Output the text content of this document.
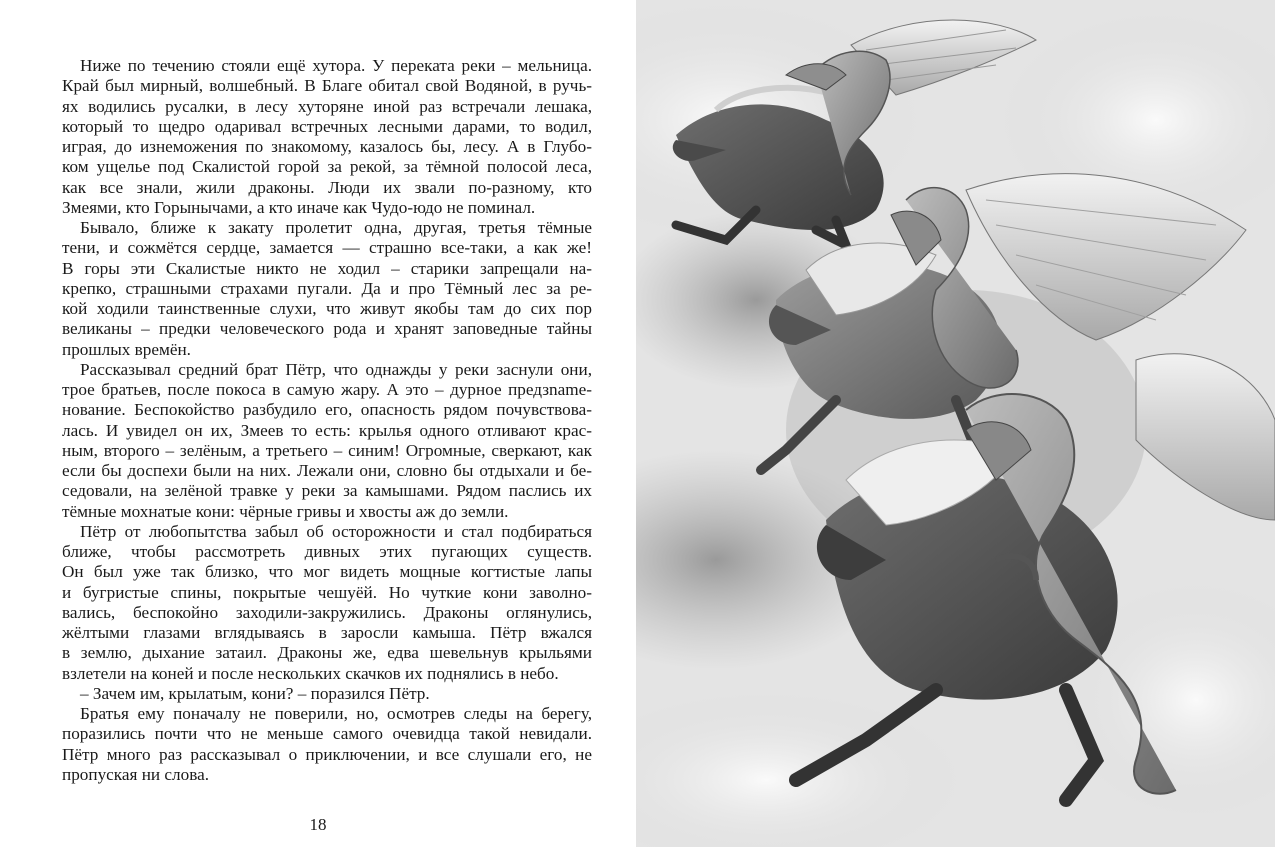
Ниже по течению стояли ещё хутора. У переката реки – мельница.
Край был мирный, волшебный. В Благе обитал свой Водяной, в ручь-
ях водились русалки, в лесу хуторяне иной раз встречали лешака,
который то щедро одаривал встречных лесными дарами, то водил,
играя, до изнеможения по знакомому, казалось бы, лесу. А в Глубо-
ком ущелье под Скалистой горой за рекой, за тёмной полосой леса,
как все знали, жили драконы. Люди их звали по-разному, кто
Змеями, кто Горынычами, а кто иначе как Чудо-юдо не поминал.
Бывало, ближе к закату пролетит одна, другая, третья тёмные
тени, и сожмётся сердце, замается — страшно все-таки, а как же!
В горы эти Скалистые никто не ходил – старики запрещали на-
крепко, страшными страхами пугали. Да и про Тёмный лес за ре-
кой ходили таинственные слухи, что живут якобы там до сих пор
великаны – предки человеческого рода и хранят заповедные тайны
прошлых времён.
Рассказывал средний брат Пётр, что однажды у реки заснули они,
трое братьев, после покоса в самую жару. А это – дурное предзname-
нование. Беспокойство разбудило его, опасность рядом почувствова-
лась. И увидел он их, Змеев то есть: крылья одного отливают крас-
ным, второго – зелёным, а третьего – синим! Огромные, сверкают, как
если бы доспехи были на них. Лежали они, словно бы отдыхали и бе-
седовали, на зелёной травке у реки за камышами. Рядом паслись их
тёмные мохнатые кони: чёрные гривы и хвосты аж до земли.
Пётр от любопытства забыл об осторожности и стал подбираться
ближе, чтобы рассмотреть дивных этих пугающих существ.
Он был уже так близко, что мог видеть мощные когтистые лапы
и бугристые спины, покрытые чешуёй. Но чуткие кони заволно-
вались, беспокойно заходили-закружились. Драконы оглянулись,
жёлтыми глазами вглядываясь в заросли камыша. Пётр вжался
в землю, дыхание затаил. Драконы же, едва шевельнув крыльями
взлетели на коней и после нескольких скачков их поднялись в небо.
– Зачем им, крылатым, кони? – поразился Пётр.
Братья ему поначалу не поверили, но, осмотрев следы на берегу,
поразились почти что не меньше самого очевидца такой невидали.
Пётр много раз рассказывал о приключении, и все слушали его, не
пропуская ни слова.
18
